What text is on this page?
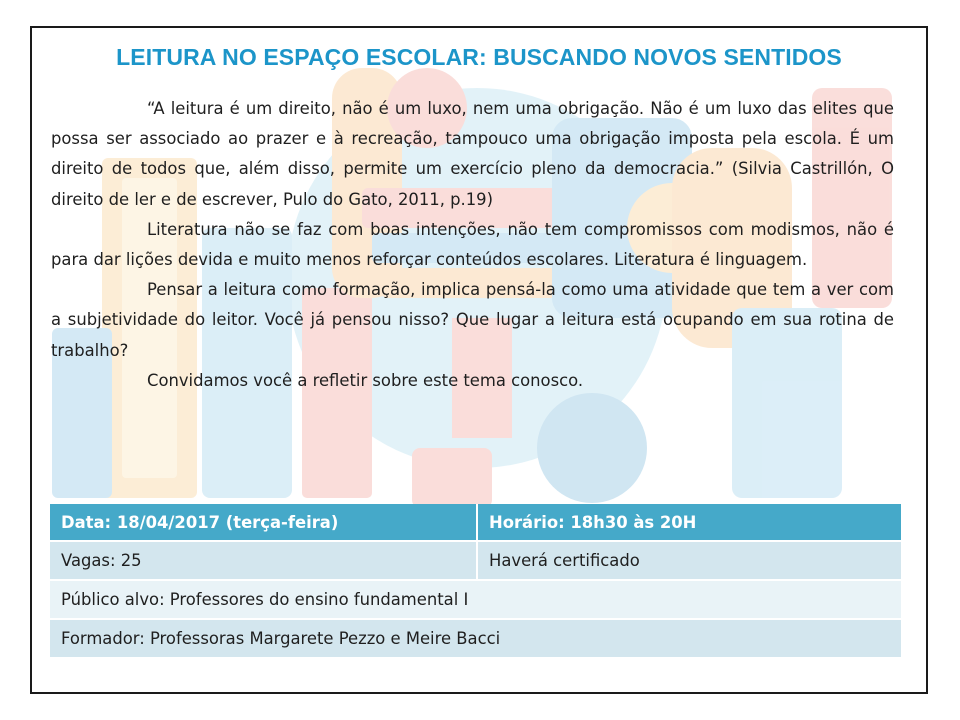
LEITURA NO ESPAÇO ESCOLAR: BUSCANDO NOVOS SENTIDOS

“A leitura é um direito, não é um luxo, nem uma obrigação. Não é um luxo das elites que possa ser associado ao prazer e à recreação, tampouco uma obrigação imposta pela escola. É um direito de todos que, além disso, permite um exercício pleno da democracia.” (Silvia Castrillón, O direito de ler e de escrever, Pulo do Gato, 2011, p.19)

Literatura não se faz com boas intenções, não tem compromissos com modismos, não é para dar lições devida e muito menos reforçar conteúdos escolares. Literatura é linguagem.

Pensar a leitura como formação, implica pensá-la como uma atividade que tem a ver com a subjetividade do leitor. Você já pensou nisso? Que lugar a leitura está ocupando em sua rotina de trabalho?

Convidamos você a refletir sobre este tema conosco.

Data: 18/04/2017 (terça-feira)	Horário: 18h30 às 20H
Vagas: 25	Haverá certificado
Público alvo: Professores do ensino fundamental I	
Formador: Professoras Margarete Pezzo e Meire Bacci	
